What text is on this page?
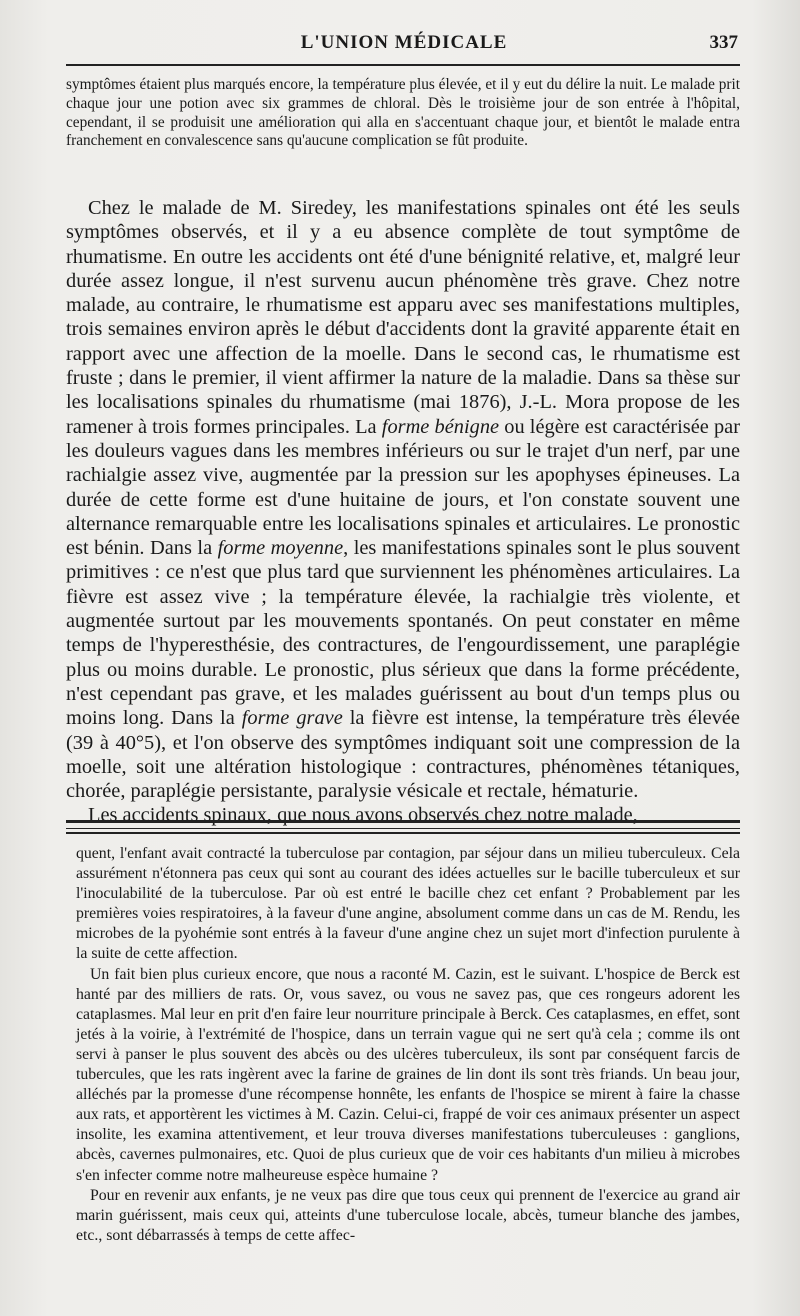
L'UNION MÉDICALE	337

symptômes étaient plus marqués encore, la température plus élevée, et il y eut du délire la nuit. Le malade prit chaque jour une potion avec six grammes de chloral. Dès le troisième jour de son entrée à l'hôpital, cependant, il se produisit une amélioration qui alla en s'accentuant chaque jour, et bientôt le malade entra franchement en convalescence sans qu'aucune complication se fût produite.

Chez le malade de M. Siredey, les manifestations spinales ont été les seuls symptômes observés, et il y a eu absence complète de tout symptôme de rhumatisme. En outre les accidents ont été d'une bénignité relative, et, malgré leur durée assez longue, il n'est survenu aucun phénomène très grave. Chez notre malade, au contraire, le rhumatisme est apparu avec ses manifestations multiples, trois semaines environ après le début d'accidents dont la gravité apparente était en rapport avec une affection de la moelle. Dans le second cas, le rhumatisme est fruste ; dans le premier, il vient affirmer la nature de la maladie. Dans sa thèse sur les localisations spinales du rhumatisme (mai 1876), J.-L. Mora propose de les ramener à trois formes principales. La forme bénigne ou légère est caractérisée par les douleurs vagues dans les membres inférieurs ou sur le trajet d'un nerf, par une rachialgie assez vive, augmentée par la pression sur les apophyses épineuses. La durée de cette forme est d'une huitaine de jours, et l'on constate souvent une alternance remarquable entre les localisations spinales et articulaires. Le pronostic est bénin. Dans la forme moyenne, les manifestations spinales sont le plus souvent primitives : ce n'est que plus tard que surviennent les phénomènes articulaires. La fièvre est assez vive ; la température élevée, la rachialgie très violente, et augmentée surtout par les mouvements spontanés. On peut constater en même temps de l'hyperesthésie, des contractures, de l'engourdissement, une paraplégie plus ou moins durable. Le pronostic, plus sérieux que dans la forme précédente, n'est cependant pas grave, et les malades guérissent au bout d'un temps plus ou moins long. Dans la forme grave la fièvre est intense, la température très élevée (39 à 40°5), et l'on observe des symptômes indiquant soit une compression de la moelle, soit une altération histologique : contractures, phénomènes tétaniques, chorée, paraplégie persistante, paralysie vésicale et rectale, hématurie.

Les accidents spinaux, que nous avons observés chez notre malade,

quent, l'enfant avait contracté la tuberculose par contagion, par séjour dans un milieu tuberculeux. Cela assurément n'étonnera pas ceux qui sont au courant des idées actuelles sur le bacille tuberculeux et sur l'inoculabilité de la tuberculose. Par où est entré le bacille chez cet enfant ? Probablement par les premières voies respiratoires, à la faveur d'une angine, absolument comme dans un cas de M. Rendu, les microbes de la pyohémie sont entrés à la faveur d'une angine chez un sujet mort d'infection purulente à la suite de cette affection.

Un fait bien plus curieux encore, que nous a raconté M. Cazin, est le suivant. L'hospice de Berck est hanté par des milliers de rats. Or, vous savez, ou vous ne savez pas, que ces rongeurs adorent les cataplasmes. Mal leur en prit d'en faire leur nourriture principale à Berck. Ces cataplasmes, en effet, sont jetés à la voirie, à l'extrémité de l'hospice, dans un terrain vague qui ne sert qu'à cela ; comme ils ont servi à panser le plus souvent des abcès ou des ulcères tuberculeux, ils sont par conséquent farcis de tubercules, que les rats ingèrent avec la farine de graines de lin dont ils sont très friands. Un beau jour, alléchés par la promesse d'une récompense honnête, les enfants de l'hospice se mirent à faire la chasse aux rats, et apportèrent les victimes à M. Cazin. Celui-ci, frappé de voir ces animaux présenter un aspect insolite, les examina attentivement, et leur trouva diverses manifestations tuberculeuses : ganglions, abcès, cavernes pulmonaires, etc. Quoi de plus curieux que de voir ces habitants d'un milieu à microbes s'en infecter comme notre malheureuse espèce humaine ?

Pour en revenir aux enfants, je ne veux pas dire que tous ceux qui prennent de l'exercice au grand air marin guérissent, mais ceux qui, atteints d'une tuberculose locale, abcès, tumeur blanche des jambes, etc., sont débarrassés à temps de cette affec-
